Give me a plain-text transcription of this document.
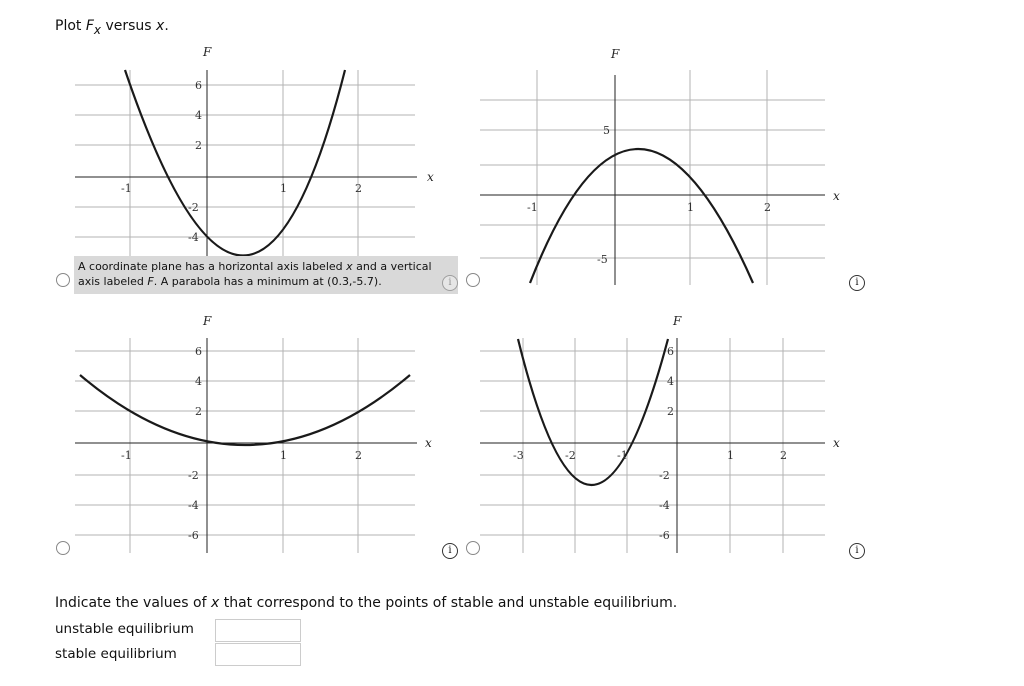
Plot $F_x$ versus x.
F
x
-1	1	2
6
4
2
-2
-4
A coordinate plane has a horizontal axis labeled x and a vertical axis labeled F. A parabola has a minimum at (0.3,-5.7).	i
F
x
-1	1	2
5
-5
i
F
x
-1	1	2
6
4
2
-2
-4
-6
i
F
x
-3	-2	-1	1	2
6
4
2
-2
-4
-6
i
Indicate the values of x that correspond to the points of stable and unstable equilibrium.
unstable equilibrium
stable equilibrium
